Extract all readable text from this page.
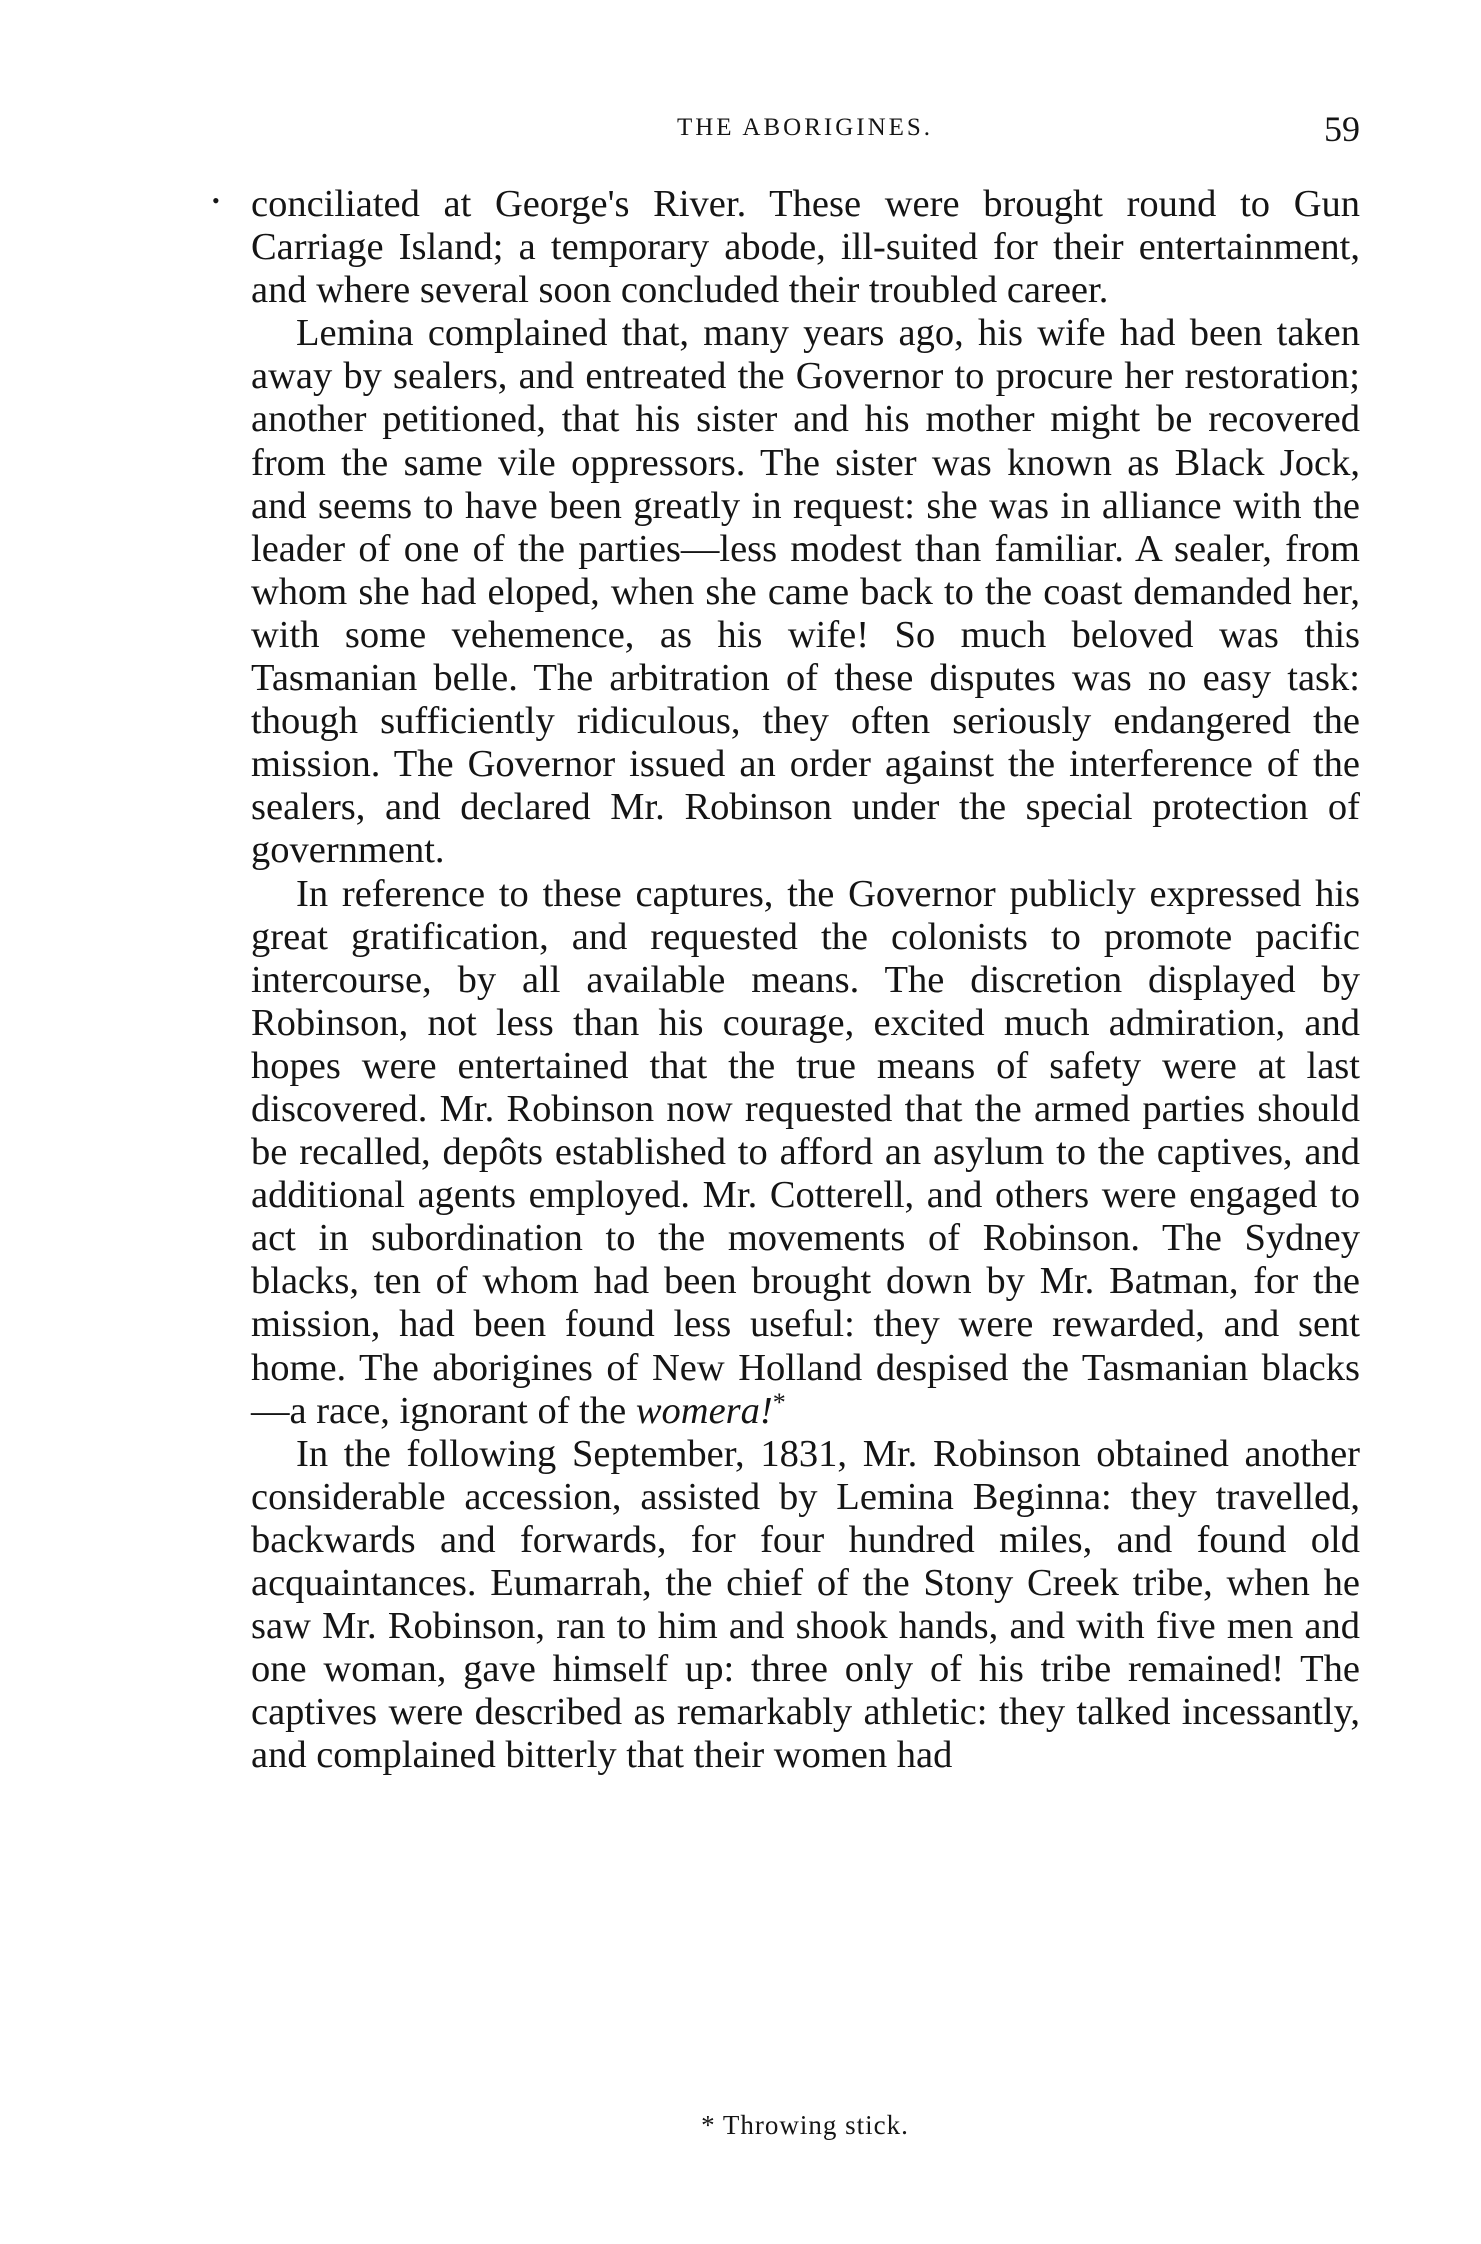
THE ABORIGINES.	59
• conciliated at George's River. These were brought round to Gun Carriage Island; a temporary abode, ill-suited for their entertainment, and where several soon concluded their troubled career.

Lemina complained that, many years ago, his wife had been taken away by sealers, and entreated the Governor to procure her restoration; another petitioned, that his sister and his mother might be recovered from the same vile oppressors. The sister was known as Black Jock, and seems to have been greatly in request: she was in alliance with the leader of one of the parties—less modest than familiar. A sealer, from whom she had eloped, when she came back to the coast demanded her, with some vehemence, as his wife! So much beloved was this Tasmanian belle. The arbitration of these disputes was no easy task: though sufficiently ridiculous, they often seriously endangered the mission. The Governor issued an order against the interference of the sealers, and declared Mr. Robinson under the special protection of government.

In reference to these captures, the Governor publicly expressed his great gratification, and requested the colonists to promote pacific intercourse, by all available means. The discretion displayed by Robinson, not less than his courage, excited much admiration, and hopes were entertained that the true means of safety were at last discovered. Mr. Robinson now requested that the armed parties should be recalled, depôts established to afford an asylum to the captives, and additional agents employed. Mr. Cotterell, and others were engaged to act in subordination to the movements of Robinson. The Sydney blacks, ten of whom had been brought down by Mr. Batman, for the mission, had been found less useful: they were rewarded, and sent home. The aborigines of New Holland despised the Tasmanian blacks—a race, ignorant of the womera!*

In the following September, 1831, Mr. Robinson obtained another considerable accession, assisted by Lemina Beginna: they travelled, backwards and forwards, for four hundred miles, and found old acquaintances. Eumarrah, the chief of the Stony Creek tribe, when he saw Mr. Robinson, ran to him and shook hands, and with five men and one woman, gave himself up: three only of his tribe remained! The captives were described as remarkably athletic: they talked incessantly, and complained bitterly that their women had

* Throwing stick.
